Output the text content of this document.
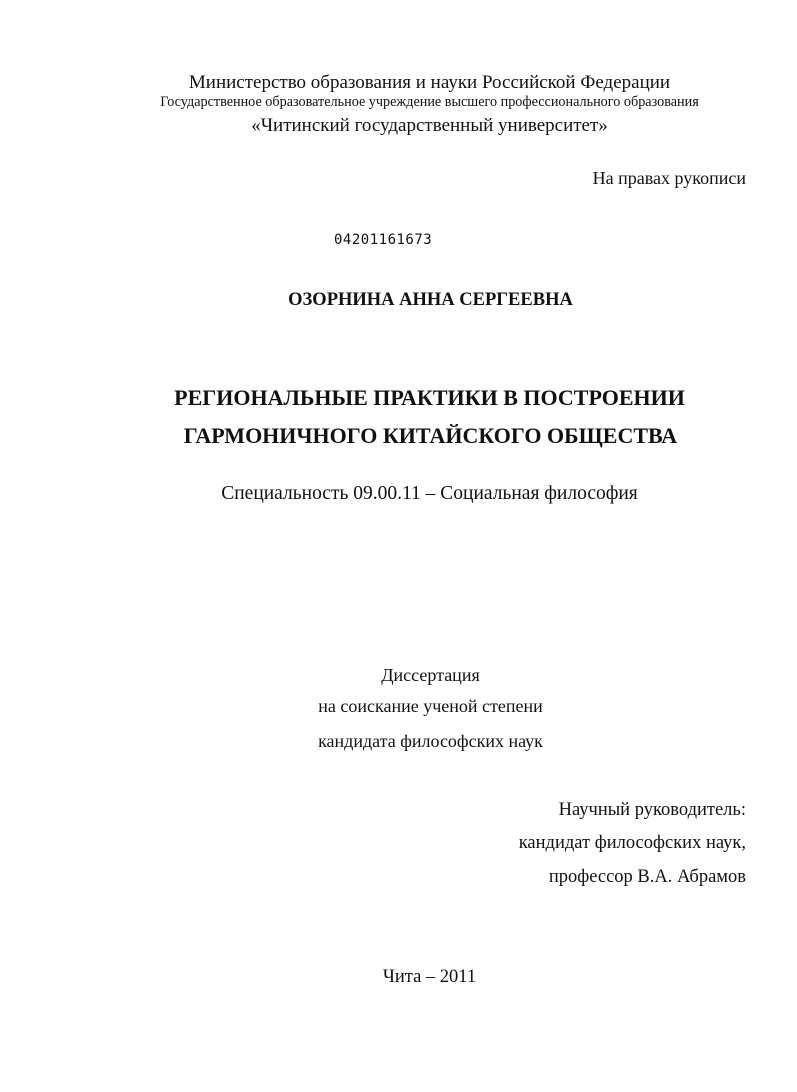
Министерство образования и науки Российской Федерации
Государственное образовательное учреждение высшего профессионального образования
«Читинский государственный университет»
На правах рукописи
04201161673
ОЗОРНИНА АННА СЕРГЕЕВНА
РЕГИОНАЛЬНЫЕ ПРАКТИКИ В ПОСТРОЕНИИ
ГАРМОНИЧНОГО КИТАЙСКОГО ОБЩЕСТВА
Специальность 09.00.11 – Социальная философия
Диссертация
на соискание ученой степени
кандидата философских наук
Научный руководитель:
кандидат философских наук,
профессор В.А. Абрамов
Чита – 2011
